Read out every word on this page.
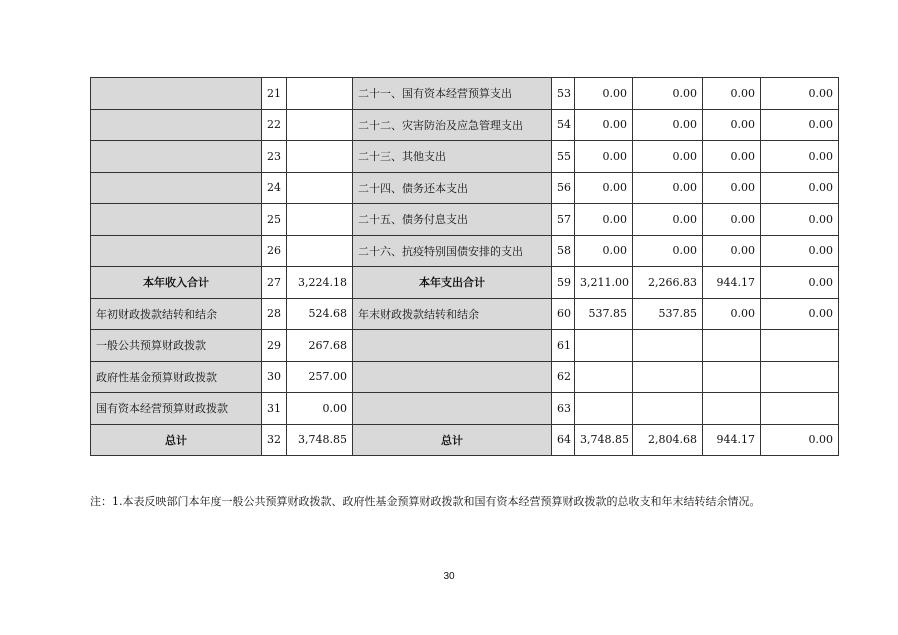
	21		二十一、国有资本经营预算支出	53	0.00	0.00	0.00	0.00
	22		二十二、灾害防治及应急管理支出	54	0.00	0.00	0.00	0.00
	23		二十三、其他支出	55	0.00	0.00	0.00	0.00
	24		二十四、债务还本支出	56	0.00	0.00	0.00	0.00
	25		二十五、债务付息支出	57	0.00	0.00	0.00	0.00
	26		二十六、抗疫特别国债安排的支出	58	0.00	0.00	0.00	0.00
本年收入合计	27	3,224.18	本年支出合计	59	3,211.00	2,266.83	944.17	0.00
年初财政拨款结转和结余	28	524.68	年末财政拨款结转和结余	60	537.85	537.85	0.00	0.00
一般公共预算财政拨款	29	267.68		61				
政府性基金预算财政拨款	30	257.00		62				
国有资本经营预算财政拨款	31	0.00		63				
总计	32	3,748.85	总计	64	3,748.85	2,804.68	944.17	0.00
注：1.本表反映部门本年度一般公共预算财政拨款、政府性基金预算财政拨款和国有资本经营预算财政拨款的总收支和年末结转结余情况。
30
